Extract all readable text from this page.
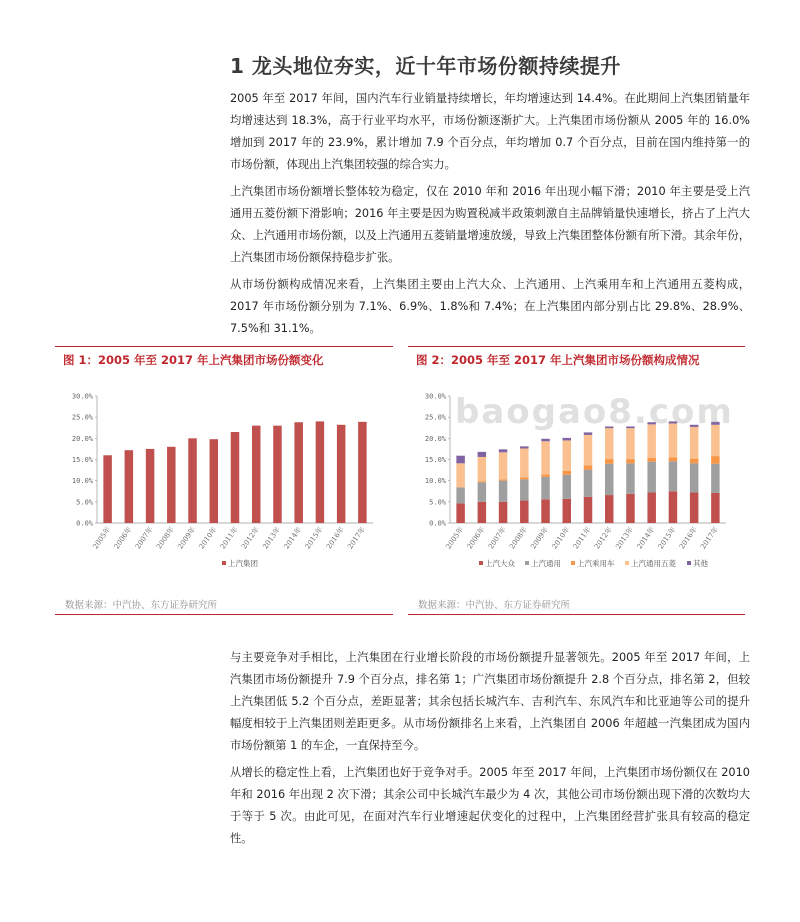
1 龙头地位夯实，近十年市场份额持续提升

2005 年至 2017 年间，国内汽车行业销量持续增长，年均增速达到 14.4%。在此期间上汽集团销量年均增速达到 18.3%，高于行业平均水平，市场份额逐渐扩大。上汽集团市场份额从 2005 年的 16.0%增加到 2017 年的 23.9%，累计增加 7.9 个百分点，年均增加 0.7 个百分点，目前在国内维持第一的市场份额，体现出上汽集团较强的综合实力。

上汽集团市场份额增长整体较为稳定，仅在 2010 年和 2016 年出现小幅下滑；2010 年主要是受上汽通用五菱份额下滑影响；2016 年主要是因为购置税减半政策刺激自主品牌销量快速增长，挤占了上汽大众、上汽通用市场份额，以及上汽通用五菱销量增速放缓，导致上汽集团整体份额有所下滑。其余年份，上汽集团市场份额保持稳步扩张。

从市场份额构成情况来看，上汽集团主要由上汽大众、上汽通用、上汽乘用车和上汽通用五菱构成，2017 年市场份额分别为 7.1%、6.9%、1.8%和 7.4%；在上汽集团内部分别占比 29.8%、28.9%、7.5%和 31.1%。

图 1：2005 年至 2017 年上汽集团市场份额变化	图 2：2005 年至 2017 年上汽集团市场份额构成情况

0.0%
5.0%
10.0%
15.0%
20.0%
25.0%
30.0%
2005年 2006年 2007年 2008年 2009年 2010年 2011年 2012年 2013年 2014年 2015年 2016年 2017年
上汽集团
0.0%
5.0%
10.0%
15.0%
20.0%
25.0%
30.0%
2005年 2006年 2007年 2008年 2009年 2010年 2011年 2012年 2013年 2014年 2015年 2016年 2017年
上汽大众 上汽通用 上汽乘用车 上汽通用五菱 其他
baogao8.com

数据来源：中汽协、东方证券研究所	数据来源：中汽协、东方证券研究所

与主要竞争对手相比，上汽集团在行业增长阶段的市场份额提升显著领先。2005 年至 2017 年间，上汽集团市场份额提升 7.9 个百分点，排名第 1；广汽集团市场份额提升 2.8 个百分点，排名第 2，但较上汽集团低 5.2 个百分点，差距显著；其余包括长城汽车、吉利汽车、东风汽车和比亚迪等公司的提升幅度相较于上汽集团则差距更多。从市场份额排名上来看，上汽集团自 2006 年超越一汽集团成为国内市场份额第 1 的车企，一直保持至今。

从增长的稳定性上看，上汽集团也好于竞争对手。2005 年至 2017 年间，上汽集团市场份额仅在 2010 年和 2016 年出现 2 次下滑；其余公司中长城汽车最少为 4 次，其他公司市场份额出现下滑的次数均大于等于 5 次。由此可见，在面对汽车行业增速起伏变化的过程中，上汽集团经营扩张具有较高的稳定性。
